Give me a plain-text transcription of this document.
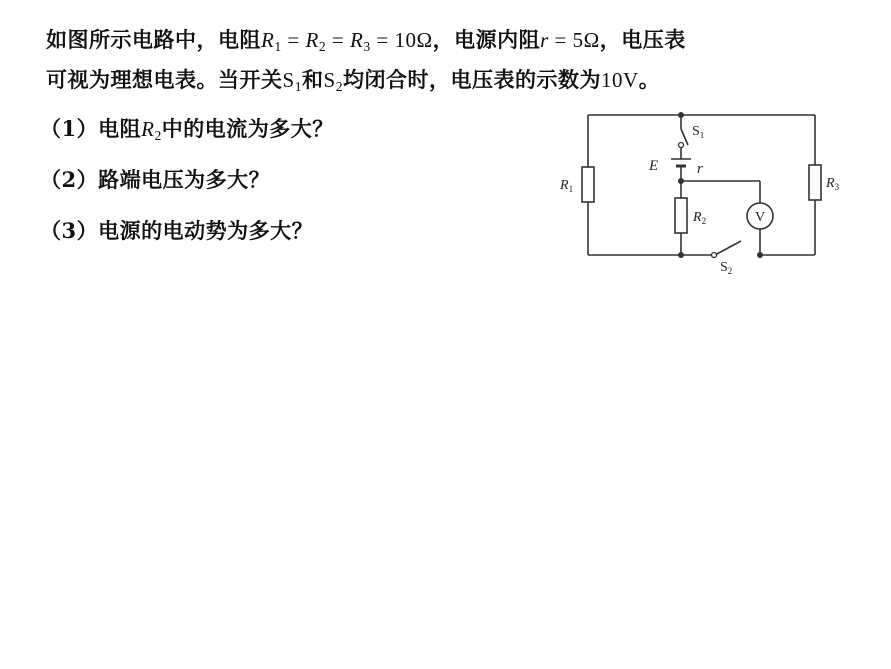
如图所示电路中，电阻$R_1 = R_2 = R_3 = 10\Omega$，电源内阻r = 5Ω，电压表
可视为理想电表。当开关$S_1$和$S_2$均闭合时，电压表的示数为10V。
（1）电阻$R_2$中的电流为多大？
（2）路端电压为多大？
（3）电源的电动势为多大？
$S_1$
E	r
$R_1$
$R_2$
$R_3$
V
$S_2$
